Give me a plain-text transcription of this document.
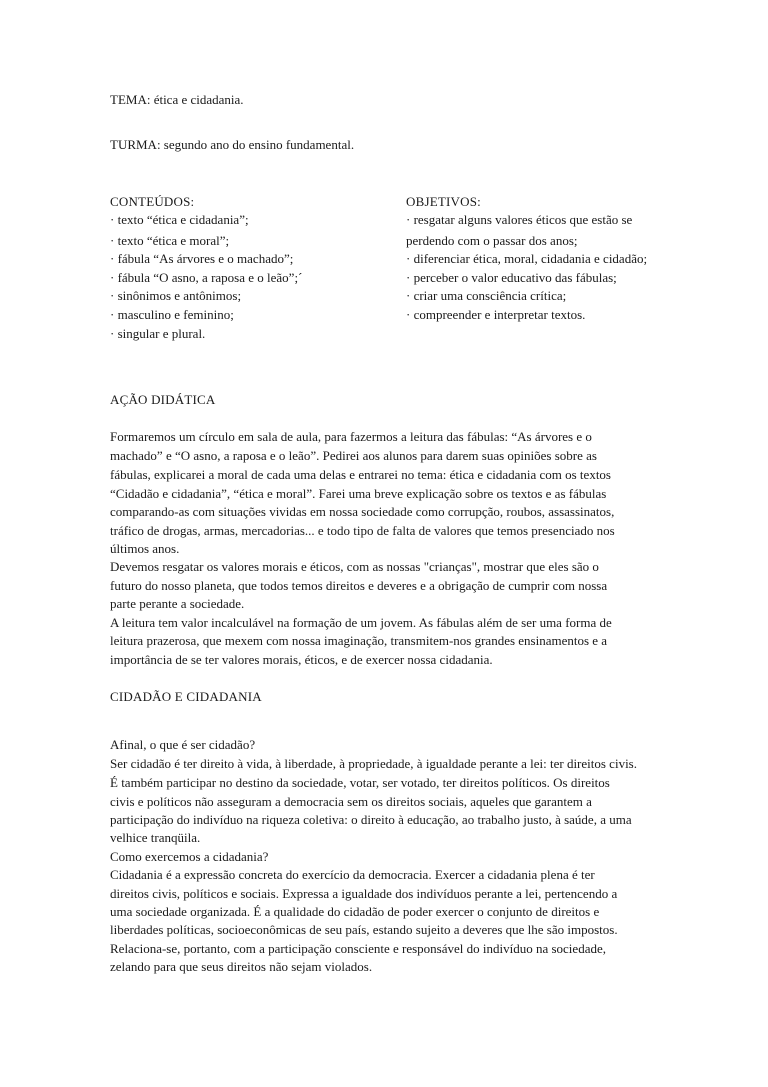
TEMA: ética e cidadania.
TURMA: segundo ano do ensino fundamental.
CONTEÚDOS:
· texto “ética e cidadania”;
· texto “ética e moral”;
· fábula “As árvores e o machado”;
· fábula “O asno, a raposa e o leão”;´
· sinônimos e antônimos;
· masculino e feminino;
· singular e plural.
OBJETIVOS:
· resgatar alguns valores éticos que estão se
perdendo com o passar dos anos;
· diferenciar ética, moral, cidadania e cidadão;
· perceber o valor educativo das fábulas;
· criar uma consciência crítica;
· compreender e interpretar textos.
AÇÃO DIDÁTICA
Formaremos um círculo em sala de aula, para fazermos a leitura das fábulas: “As árvores e o
machado” e “O asno, a raposa e o leão”. Pedirei aos alunos para darem suas opiniões sobre as
fábulas, explicarei a moral de cada uma delas e entrarei no tema: ética e cidadania com os textos
“Cidadão e cidadania”, “ética e moral”. Farei uma breve explicação sobre os textos e as fábulas
comparando-as com situações vividas em nossa sociedade como corrupção, roubos, assassinatos,
tráfico de drogas, armas, mercadorias... e todo tipo de falta de valores que temos presenciado nos
últimos anos.
Devemos resgatar os valores morais e éticos, com as nossas "crianças", mostrar que eles são o
futuro do nosso planeta, que todos temos direitos e deveres e a obrigação de cumprir com nossa
parte perante a sociedade.
A leitura tem valor incalculável na formação de um jovem. As fábulas além de ser uma forma de
leitura prazerosa, que mexem com nossa imaginação, transmitem-nos grandes ensinamentos e a
importância de se ter valores morais, éticos, e de exercer nossa cidadania.
CIDADÃO E CIDADANIA
Afinal, o que é ser cidadão?
Ser cidadão é ter direito à vida, à liberdade, à propriedade, à igualdade perante a lei: ter direitos civis.
É também participar no destino da sociedade, votar, ser votado, ter direitos políticos. Os direitos
civis e políticos não asseguram a democracia sem os direitos sociais, aqueles que garantem a
participação do indivíduo na riqueza coletiva: o direito à educação, ao trabalho justo, à saúde, a uma
velhice tranqüila.
Como exercemos a cidadania?
Cidadania é a expressão concreta do exercício da democracia. Exercer a cidadania plena é ter
direitos civis, políticos e sociais. Expressa a igualdade dos indivíduos perante a lei, pertencendo a
uma sociedade organizada. É a qualidade do cidadão de poder exercer o conjunto de direitos e
liberdades políticas, socioeconômicas de seu país, estando sujeito a deveres que lhe são impostos.
Relaciona-se, portanto, com a participação consciente e responsável do indivíduo na sociedade,
zelando para que seus direitos não sejam violados.
